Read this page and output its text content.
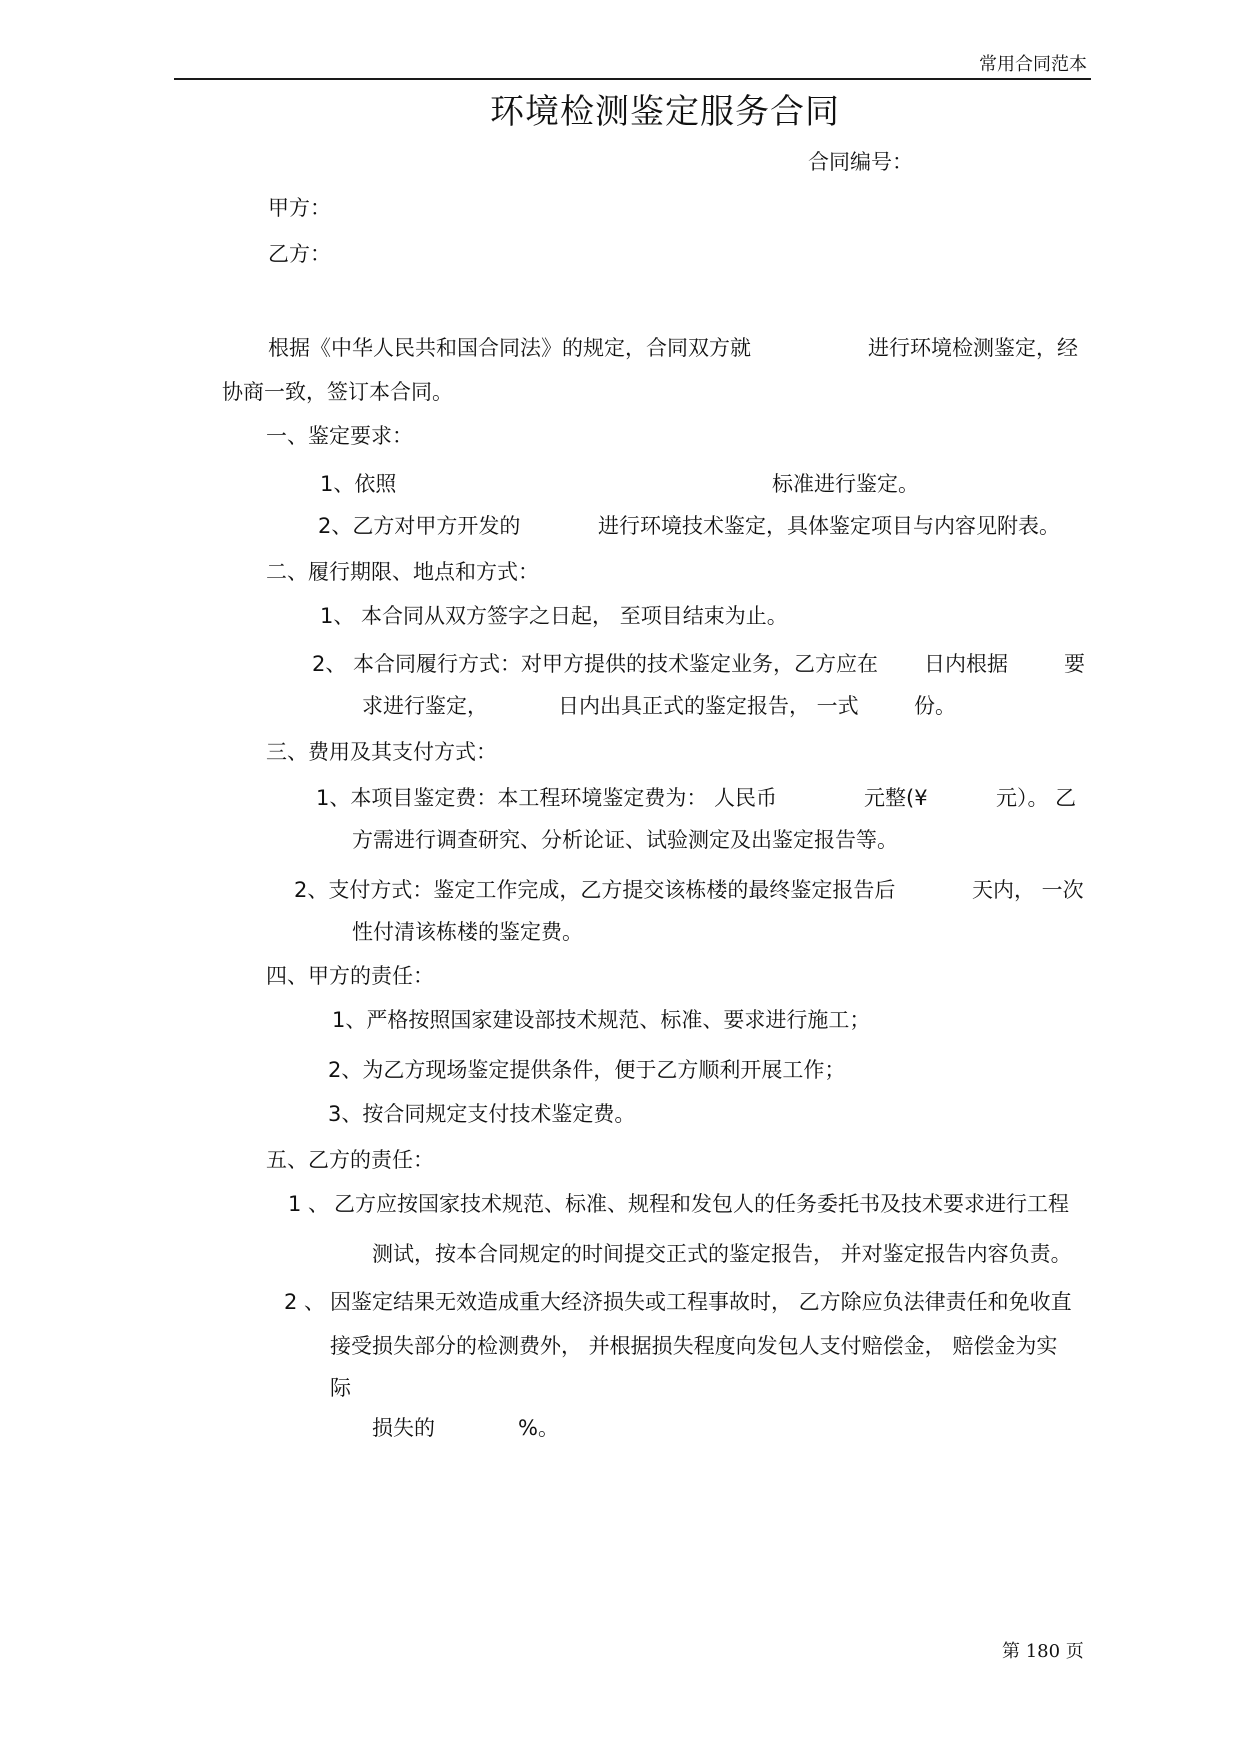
常用合同范本
环境检测鉴定服务合同
合同编号：
甲方：
乙方：
根据《中华人民共和国合同法》的规定，合同双方就	进行环境检测鉴定，经
协商一致，签订本合同。
一、鉴定要求：
1、依照	标准进行鉴定。
2、乙方对甲方开发的	进行环境技术鉴定，具体鉴定项目与内容见附表。
二、履行期限、地点和方式：
1、 本合同从双方签字之日起， 至项目结束为止。
2、 本合同履行方式：对甲方提供的技术鉴定业务，乙方应在 日内根据	要
求进行鉴定，	日内出具正式的鉴定报告， 一式	份。
三、费用及其支付方式：
1、本项目鉴定费：本工程环境鉴定费为： 人民币	元整(¥	元）。 乙
方需进行调查研究、分析论证、试验测定及出鉴定报告等。
2、支付方式：鉴定工作完成，乙方提交该栋楼的最终鉴定报告后	天内， 一次
性付清该栋楼的鉴定费。
四、甲方的责任：
1、严格按照国家建设部技术规范、标准、要求进行施工；
2、为乙方现场鉴定提供条件，便于乙方顺利开展工作；
3、按合同规定支付技术鉴定费。
五、乙方的责任：
1 、 乙方应按国家技术规范、标准、规程和发包人的任务委托书及技术要求进行工程
测试，按本合同规定的时间提交正式的鉴定报告， 并对鉴定报告内容负责。
2 、 因鉴定结果无效造成重大经济损失或工程事故时， 乙方除应负法律责任和免收直
接受损失部分的检测费外， 并根据损失程度向发包人支付赔偿金， 赔偿金为实
际
损失的	%。
第 180 页
